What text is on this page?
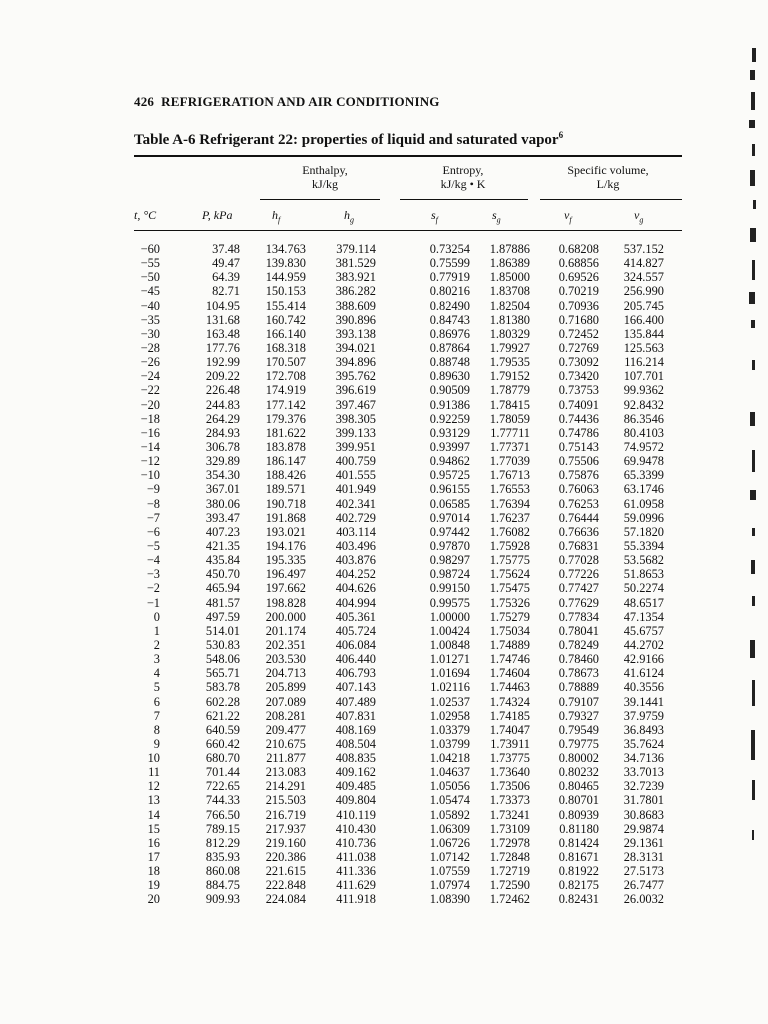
426 REFRIGERATION AND AIR CONDITIONING
Table A-6 Refrigerant 22: properties of liquid and saturated vapor$^6$
Enthalpy,
kJ/kg
Entropy,
kJ/kg • K
Specific volume,
L/kg
t, °C	P, kPa	$h_f$	$h_g$	$s_f$	$s_g$	$v_f$	$v_g$
−60	37.48 134.763 379.114	0.73254 1.87886 0.68208 537.152
−55	49.47 139.830 381.529	0.75599 1.86389 0.68856 414.827
−50	64.39 144.959 383.921	0.77919 1.85000 0.69526 324.557
−45	82.71 150.153 386.282	0.80216 1.83708 0.70219 256.990
−40	104.95 155.414 388.609	0.82490 1.82504 0.70936 205.745
−35	131.68 160.742 390.896	0.84743 1.81380 0.71680 166.400
−30	163.48 166.140 393.138	0.86976 1.80329 0.72452 135.844
−28	177.76 168.318 394.021	0.87864 1.79927 0.72769 125.563
−26	192.99 170.507 394.896	0.88748 1.79535 0.73092 116.214
−24	209.22 172.708 395.762	0.89630 1.79152 0.73420 107.701
−22	226.48 174.919 396.619	0.90509 1.78779 0.73753 99.9362
−20	244.83 177.142 397.467	0.91386 1.78415 0.74091 92.8432
−18	264.29 179.376 398.305	0.92259 1.78059 0.74436 86.3546
−16	284.93 181.622 399.133	0.93129 1.77711 0.74786 80.4103
−14	306.78 183.878 399.951	0.93997 1.77371 0.75143 74.9572
−12	329.89 186.147 400.759	0.94862 1.77039 0.75506 69.9478
−10	354.30 188.426 401.555	0.95725 1.76713 0.75876 65.3399
−9	367.01 189.571 401.949	0.96155 1.76553 0.76063 63.1746
−8	380.06 190.718 402.341	0.06585 1.76394 0.76253 61.0958
−7	393.47 191.868 402.729	0.97014 1.76237 0.76444 59.0996
−6	407.23 193.021 403.114	0.97442 1.76082 0.76636 57.1820
−5	421.35 194.176 403.496	0.97870 1.75928 0.76831 55.3394
−4	435.84 195.335 403.876	0.98297 1.75775 0.77028 53.5682
−3	450.70 196.497 404.252	0.98724 1.75624 0.77226 51.8653
−2	465.94 197.662 404.626	0.99150 1.75475 0.77427 50.2274
−1	481.57 198.828 404.994	0.99575 1.75326 0.77629 48.6517
0	497.59 200.000 405.361	1.00000 1.75279 0.77834 47.1354
1	514.01 201.174 405.724	1.00424 1.75034 0.78041 45.6757
2	530.83 202.351 406.084	1.00848 1.74889 0.78249 44.2702
3	548.06 203.530 406.440	1.01271 1.74746 0.78460 42.9166
4	565.71 204.713 406.793	1.01694 1.74604 0.78673 41.6124
5	583.78 205.899 407.143	1.02116 1.74463 0.78889 40.3556
6	602.28 207.089 407.489	1.02537 1.74324 0.79107 39.1441
7	621.22 208.281 407.831	1.02958 1.74185 0.79327 37.9759
8	640.59 209.477 408.169	1.03379 1.74047 0.79549 36.8493
9	660.42 210.675 408.504	1.03799 1.73911 0.79775 35.7624
10	680.70 211.877 408.835	1.04218 1.73775 0.80002 34.7136
11	701.44 213.083 409.162	1.04637 1.73640 0.80232 33.7013
12	722.65 214.291 409.485	1.05056 1.73506 0.80465 32.7239
13	744.33 215.503 409.804	1.05474 1.73373 0.80701 31.7801
14	766.50 216.719 410.119	1.05892 1.73241 0.80939 30.8683
15	789.15 217.937 410.430	1.06309 1.73109 0.81180 29.9874
16	812.29 219.160 410.736	1.06726 1.72978 0.81424 29.1361
17	835.93 220.386 411.038	1.07142 1.72848 0.81671 28.3131
18	860.08 221.615 411.336	1.07559 1.72719 0.81922 27.5173
19	884.75 222.848 411.629	1.07974 1.72590 0.82175 26.7477
20	909.93 224.084 411.918	1.08390 1.72462 0.82431 26.0032
